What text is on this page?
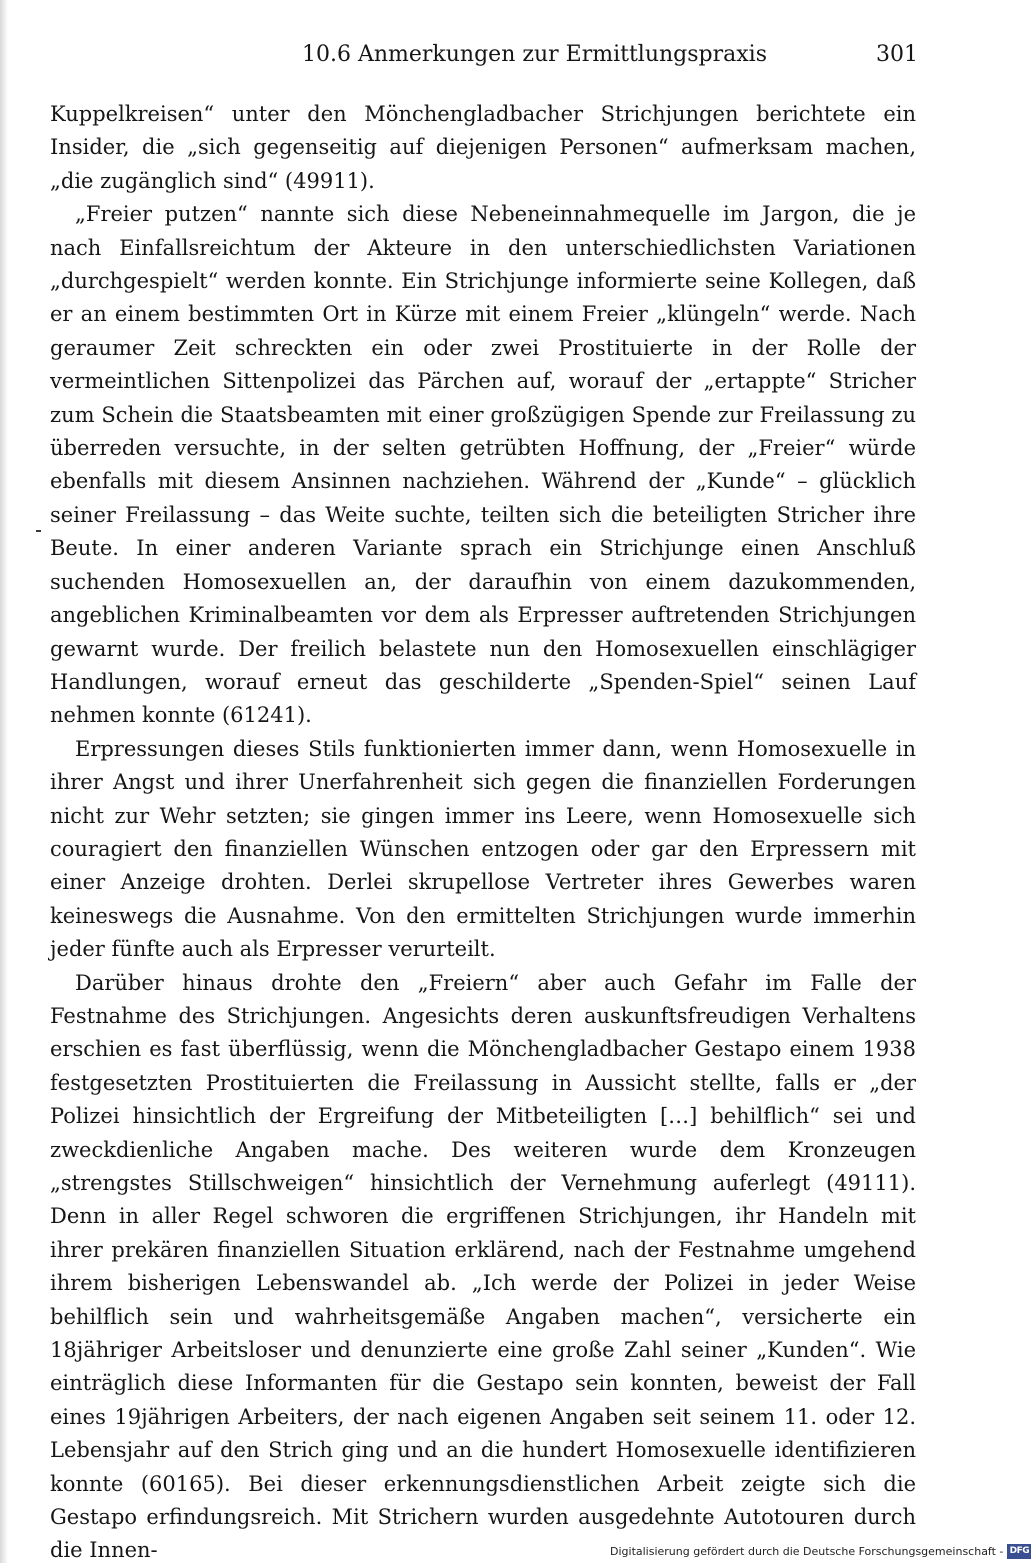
10.6 Anmerkungen zur Ermittlungspraxis	301

Kuppelkreisen“ unter den Mönchengladbacher Strichjungen berichtete ein Insider, die „sich gegenseitig auf diejenigen Personen“ aufmerksam machen, „die zugänglich sind“ (49911).

„Freier putzen“ nannte sich diese Nebeneinnahmequelle im Jargon, die je nach Einfallsreichtum der Akteure in den unterschiedlichsten Variationen „durchgespielt“ werden konnte. Ein Strichjunge informierte seine Kollegen, daß er an einem bestimmten Ort in Kürze mit einem Freier „klüngeln“ werde. Nach geraumer Zeit schreckten ein oder zwei Prostituierte in der Rolle der vermeintlichen Sittenpolizei das Pärchen auf, worauf der „ertappte“ Stricher zum Schein die Staatsbeamten mit einer großzügigen Spende zur Freilassung zu überreden versuchte, in der selten getrübten Hoffnung, der „Freier“ würde ebenfalls mit diesem Ansinnen nachziehen. Während der „Kunde“ – glücklich seiner Freilassung – das Weite suchte, teilten sich die beteiligten Stricher ihre Beute. In einer anderen Variante sprach ein Strichjunge einen Anschluß suchenden Homosexuellen an, der daraufhin von einem dazukommenden, angeblichen Kriminalbeamten vor dem als Erpresser auftretenden Strichjungen gewarnt wurde. Der freilich belastete nun den Homosexuellen einschlägiger Handlungen, worauf erneut das geschilderte „Spenden-Spiel“ seinen Lauf nehmen konnte (61241).

Erpressungen dieses Stils funktionierten immer dann, wenn Homosexuelle in ihrer Angst und ihrer Unerfahrenheit sich gegen die finanziellen Forderungen nicht zur Wehr setzten; sie gingen immer ins Leere, wenn Homosexuelle sich couragiert den finanziellen Wünschen entzogen oder gar den Erpressern mit einer Anzeige drohten. Derlei skrupellose Vertreter ihres Gewerbes waren keineswegs die Ausnahme. Von den ermittelten Strichjungen wurde immerhin jeder fünfte auch als Erpresser verurteilt.

Darüber hinaus drohte den „Freiern“ aber auch Gefahr im Falle der Festnahme des Strichjungen. Angesichts deren auskunftsfreudigen Verhaltens erschien es fast überflüssig, wenn die Mönchengladbacher Gestapo einem 1938 festgesetzten Prostituierten die Freilassung in Aussicht stellte, falls er „der Polizei hinsichtlich der Ergreifung der Mitbeteiligten […] behilflich“ sei und zweckdienliche Angaben mache. Des weiteren wurde dem Kronzeugen „strengstes Stillschweigen“ hinsichtlich der Vernehmung auferlegt (49111). Denn in aller Regel schworen die ergriffenen Strichjungen, ihr Handeln mit ihrer prekären finanziellen Situation erklärend, nach der Festnahme umgehend ihrem bisherigen Lebenswandel ab. „Ich werde der Polizei in jeder Weise behilflich sein und wahrheitsgemäße Angaben machen“, versicherte ein 18jähriger Arbeitsloser und denunzierte eine große Zahl seiner „Kunden“. Wie einträglich diese Informanten für die Gestapo sein konnten, beweist der Fall eines 19jährigen Arbeiters, der nach eigenen Angaben seit seinem 11. oder 12. Lebensjahr auf den Strich ging und an die hundert Homosexuelle identifizieren konnte (60165). Bei dieser erkennungsdienstlichen Arbeit zeigte sich die Gestapo erfindungsreich. Mit Strichern wurden ausgedehnte Autotouren durch die Innen-	Digitalisierung gefördert durch die Deutsche Forschungsgemeinschaft - DFG
